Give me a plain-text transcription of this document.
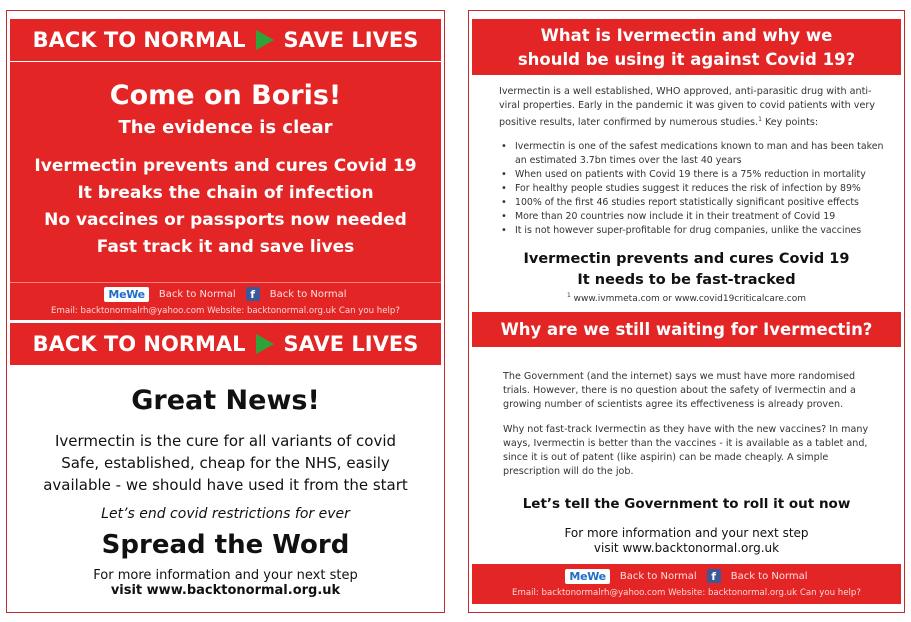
BACK TO NORMAL SAVE LIVES
Come on Boris!
The evidence is clear
Ivermectin prevents and cures Covid 19
It breaks the chain of infection
No vaccines or passports now needed
Fast track it and save lives
MeWe	Back to Normal	f	Back to Normal
Email: backtonormalrh@yahoo.com Website: backtonormal.org.uk Can you help?
BACK TO NORMAL SAVE LIVES
Great News!
Ivermectin is the cure for all variants of covid
Safe, established, cheap for the NHS, easily
available - we should have used it from the start
Let’s end covid restrictions for ever
Spread the Word
For more information and your next step
visit www.backtonormal.org.uk
What is Ivermectin and why we
should be using it against Covid 19?
Ivermectin is a well established, WHO approved, anti-parasitic drug with anti-viral properties. Early in the pandemic it was given to covid patients with very positive results, later confirmed by numerous studies.$^1$ Key points:
• Ivermectin is one of the safest medications known to man and has been taken an estimated 3.7bn times over the last 40 years
• When used on patients with Covid 19 there is a 75% reduction in mortality
• For healthy people studies suggest it reduces the risk of infection by 89%
• 100% of the first 46 studies report statistically significant positive effects
• More than 20 countries now include it in their treatment of Covid 19
• It is not however super-profitable for drug companies, unlike the vaccines
Ivermectin prevents and cures Covid 19
It needs to be fast-tracked
$^1$ www.ivmmeta.com or www.covid19criticalcare.com
Why are we still waiting for Ivermectin?

The Government (and the internet) says we must have more randomised trials. However, there is no question about the safety of Ivermectin and a growing number of scientists agree its effectiveness is already proven.

Why not fast-track Ivermectin as they have with the new vaccines? In many ways, Ivermectin is better than the vaccines - it is available as a tablet and, since it is out of patent (like aspirin) can be made cheaply. A simple prescription will do the job.

Let’s tell the Government to roll it out now
For more information and your next step
visit www.backtonormal.org.uk
MeWe	Back to Normal	f	Back to Normal
Email: backtonormalrh@yahoo.com Website: backtonormal.org.uk Can you help?
